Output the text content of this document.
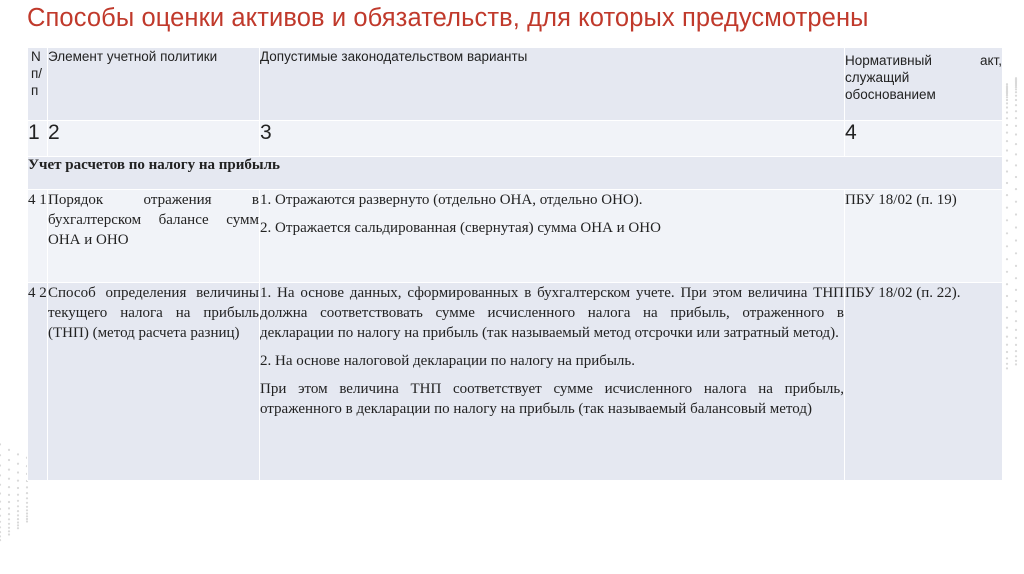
Способы оценки активов и обязательств, для которых предусмотрены
N п/ п	Элемент учетной политики	Допустимые законодательством варианты	Нормативный акт,
служащий обоснованием

1	2	3	4
Учет расчетов по налогу на прибыль			
4 1	Порядок отражения в бухгалтерском балансе сумм ОНА и ОНО	1. Отражаются развернуто (отдельно ОНА, отдельно ОНО).

2. Отражается сальдированная (свернутая) сумма ОНА и ОНО	ПБУ 18/02 (п. 19)
4 2	Способ определения величины текущего налога на прибыль (ТНП) (метод расчета разниц)	1. На основе данных, сформированных в бухгалтерском учете. При этом величина ТНП должна соответствовать сумме исчисленного налога на прибыль, отраженного в декларации по налогу на прибыль (так называемый метод отсрочки или затратный метод).

2. На основе налоговой декларации по налогу на прибыль.

При этом величина ТНП соответствует сумме исчисленного налога на прибыль, отраженного в декларации по налогу на прибыль (так называемый балансовый метод)	ПБУ 18/02 (п. 22).
